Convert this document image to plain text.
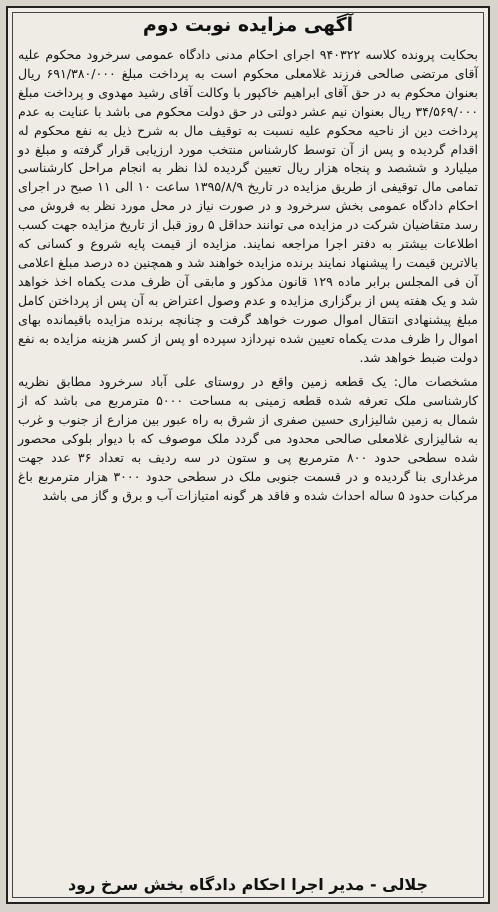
آگهی مزایده نوبت دوم

بحکایت پرونده کلاسه ۹۴۰۳۲۲ اجرای احکام مدنی دادگاه عمومی سرخرود محکوم علیه آقای مرتضی صالحی فرزند غلامعلی محکوم است به پرداخت مبلغ ۶۹۱/۳۸۰/۰۰۰ ریال بعنوان محکوم به در حق آقای ابراهیم خاکپور با وکالت آقای رشید مهدوی و پرداخت مبلغ ۳۴/۵۶۹/۰۰۰ ریال بعنوان نیم عشر دولتی در حق دولت محکوم می باشد با عنایت به عدم پرداخت دین از ناحیه محکوم علیه نسبت به توقیف مال به شرح ذیل به نفع محکوم له اقدام گردیده و پس از آن توسط کارشناس منتخب مورد ارزیابی قرار گرفته و مبلغ دو میلیارد و ششصد و پنجاه هزار ریال تعیین گردیده لذا نظر به انجام مراحل کارشناسی تمامی مال توقیفی از طریق مزایده در تاریخ ۱۳۹۵/۸/۹ ساعت ۱۰ الی ۱۱ صبح در اجرای احکام دادگاه عمومی بخش سرخرود و در صورت نیاز در محل مورد نظر به فروش می رسد متقاضیان شرکت در مزایده می توانند حداقل ۵ روز قبل از تاریخ مزایده جهت کسب اطلاعات بیشتر به دفتر اجرا مراجعه نمایند. مزایده از قیمت پایه شروع و کسانی که بالاترین قیمت را پیشنهاد نمایند برنده مزایده خواهند شد و همچنین ده درصد مبلغ اعلامی آن فی المجلس برابر ماده ۱۲۹ قانون مذکور و مابقی آن ظرف مدت یکماه اخذ خواهد شد و یک هفته پس از برگزاری مزایده و عدم وصول اعتراض به آن پس از پرداختن کامل مبلغ پیشنهادی انتقال اموال صورت خواهد گرفت و چنانچه برنده مزایده باقیمانده بهای اموال را ظرف مدت یکماه تعیین شده نپردازد سپرده او پس از کسر هزینه مزایده به نفع دولت ضبط خواهد شد.

مشخصات مال: یک قطعه زمین واقع در روستای علی آباد سرخرود مطابق نظریه کارشناسی ملک تعرفه شده قطعه زمینی به مساحت ۵۰۰۰ مترمربع می باشد که از شمال به زمین شالیزاری حسین صفری از شرق به راه عبور بین مزارع از جنوب و غرب به شالیزاری غلامعلی صالحی محدود می گردد ملک موصوف که با دیوار بلوکی محصور شده سطحی حدود ۸۰۰ مترمربع پی و ستون در سه ردیف به تعداد ۳۶ عدد جهت مرغداری بنا گردیده و در قسمت جنوبی ملک در سطحی حدود ۳۰۰۰ هزار مترمربع باغ مرکبات حدود ۵ ساله احداث شده و فاقد هر گونه امتیازات آب و برق و گاز می باشد

جلالی - مدیر اجرا احکام دادگاه بخش سرخ رود
